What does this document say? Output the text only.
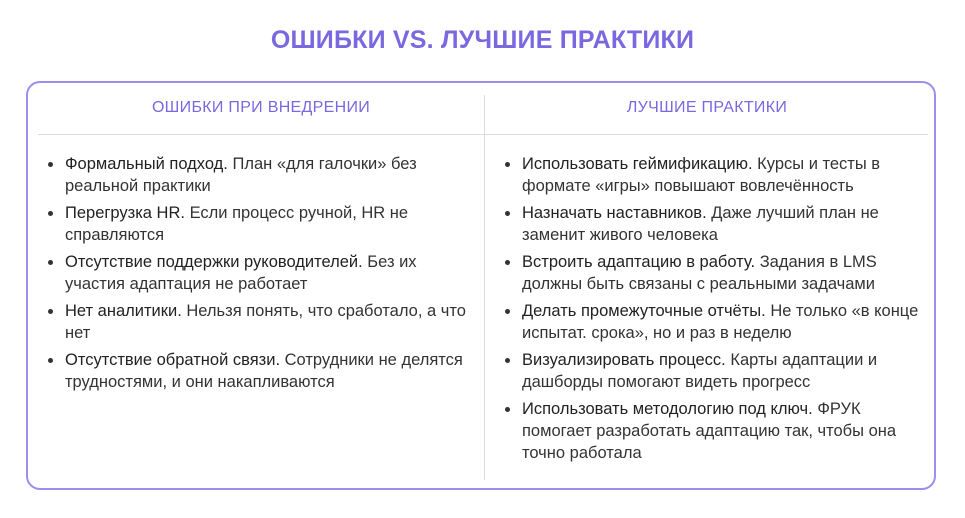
ОШИБКИ VS. ЛУЧШИЕ ПРАКТИКИ
ОШИБКИ ПРИ ВНЕДРЕНИИ	ЛУЧШИЕ ПРАКТИКИ
Формальный подход. План «для галочки» без реальной практики
Перегрузка HR. Если процесс ручной, HR не справляются
Отсутствие поддержки руководителей. Без их участия адаптация не работает
Нет аналитики. Нельзя понять, что сработало, а что нет
Отсутствие обратной связи. Сотрудники не делятся трудностями, и они накапливаются
Использовать геймификацию. Курсы и тесты в формате «игры» повышают вовлечённость
Назначать наставников. Даже лучший план не заменит живого человека
Встроить адаптацию в работу. Задания в LMS должны быть связаны с реальными задачами
Делать промежуточные отчёты. Не только «в конце испытат. срока», но и раз в неделю
Визуализировать процесс. Карты адаптации и дашборды помогают видеть прогресс
Использовать методологию под ключ. ФРУК помогает разработать адаптацию так, чтобы она точно работала
